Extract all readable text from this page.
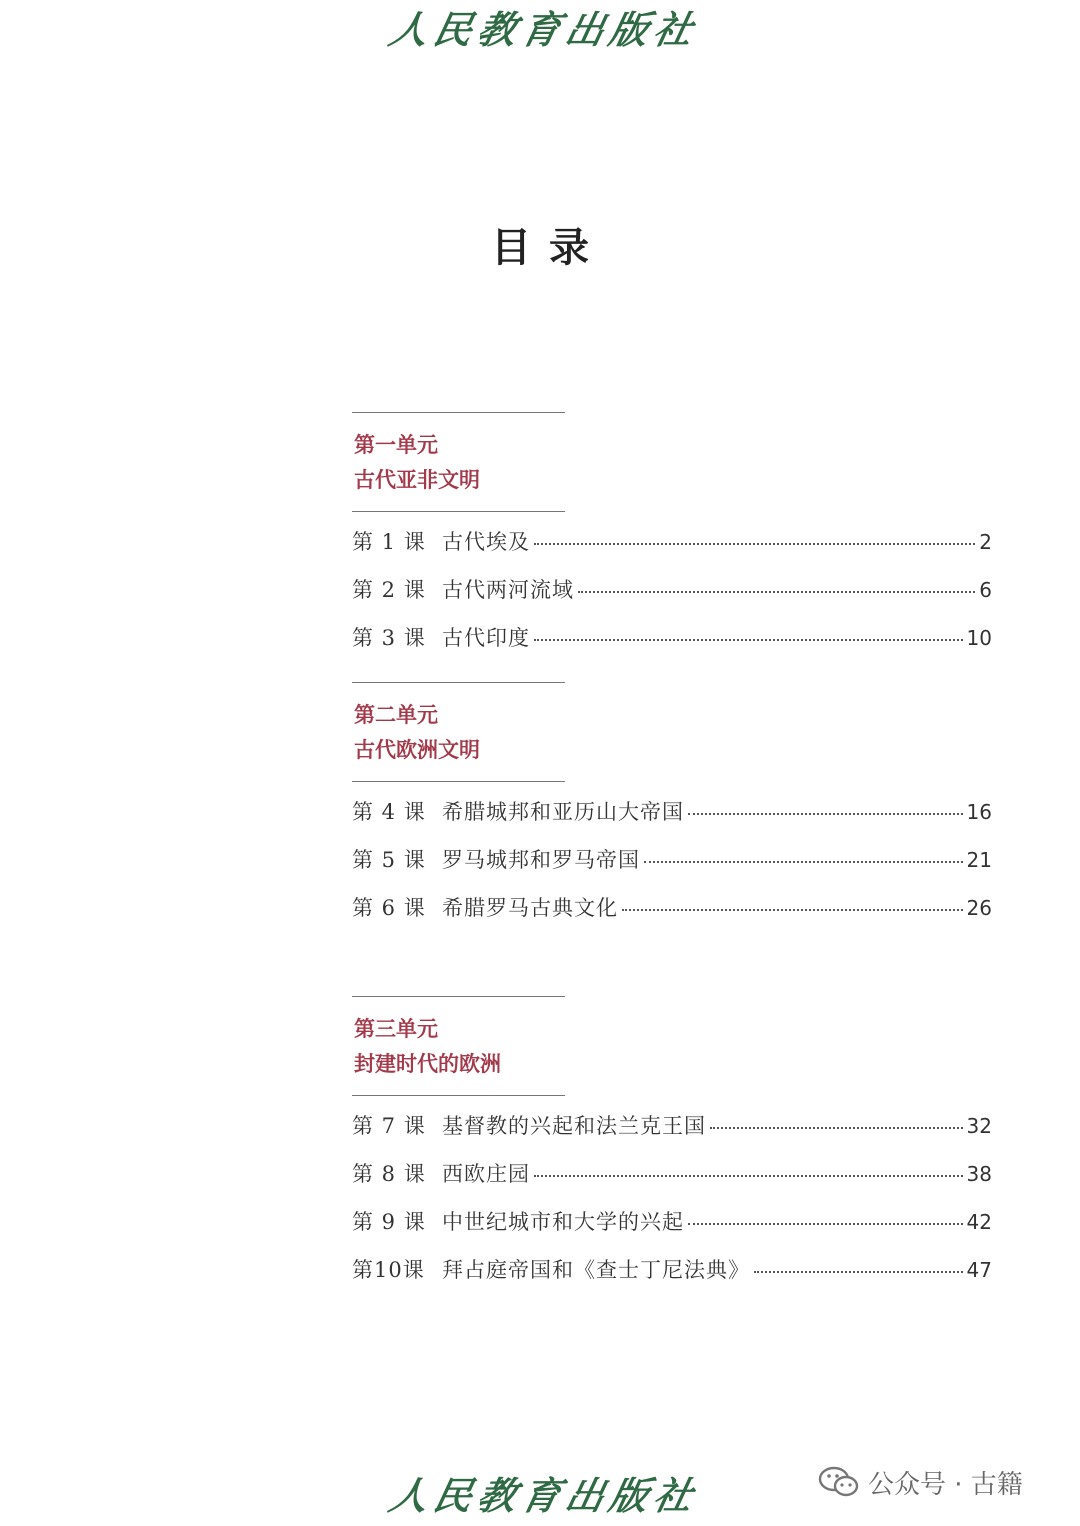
人民教育出版社
目录
第一单元
古代亚非文明
第 1 课 古代埃及	2
第 2 课 古代两河流域	6
第 3 课 古代印度	10
第二单元
古代欧洲文明
第 4 课 希腊城邦和亚历山大帝国	16
第 5 课 罗马城邦和罗马帝国	21
第 6 课 希腊罗马古典文化	26
第三单元
封建时代的欧洲
第 7 课 基督教的兴起和法兰克王国	32
第 8 课 西欧庄园	38
第 9 课 中世纪城市和大学的兴起	42
第10课 拜占庭帝国和《查士丁尼法典》	47
人民教育出版社	公众号 · 古籍
